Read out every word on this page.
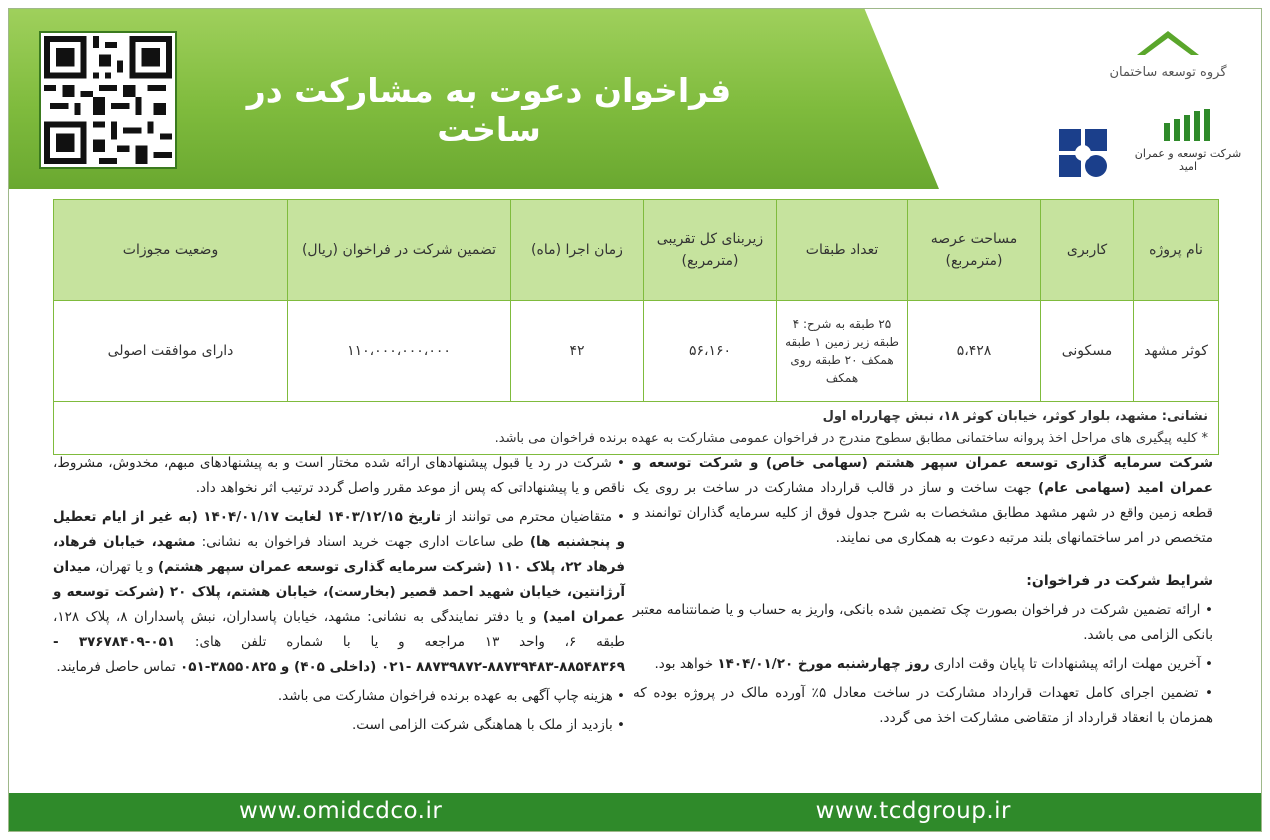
فراخوان دعوت به مشارکت در ساخت
گروه توسعه ساختمان
شرکت توسعه و عمران امید
نام پروژه	کاربری	مساحت عرصه (مترمربع)	تعداد طبقات	زیربنای کل تقریبی (مترمربع)	زمان اجرا (ماه)	تضمین شرکت در فراخوان (ریال)	وضعیت مجوزات
کوثر مشهد	مسکونی	۵،۴۲۸	۲۵ طبقه به شرح: ۴ طبقه زیر زمین ۱ طبقه همکف ۲۰ طبقه روی همکف	۵۶،۱۶۰	۴۲	۱۱۰،۰۰۰،۰۰۰،۰۰۰	دارای موافقت اصولی

نشانی: مشهد، بلوار کوثر، خیابان کوثر ۱۸، نبش چهارراه اول
* کلیه پیگیری های مراحل اخذ پروانه ساختمانی مطابق سطوح مندرج در فراخوان عمومی مشارکت به عهده برنده فراخوان می باشد.							

شرکت سرمایه گذاری توسعه عمران سپهر هشتم (سهامی خاص) و شرکت توسعه و عمران امید (سهامی عام) جهت ساخت و ساز در قالب قرارداد مشارکت در ساخت بر روی یک قطعه زمین واقع در شهر مشهد مطابق مشخصات به شرح جدول فوق از کلیه سرمایه گذاران توانمند و متخصص در امر ساختمانهای بلند مرتبه دعوت به همکاری می نمایند.

شرایط شرکت در فراخوان:

• ارائه تضمین شرکت در فراخوان بصورت چک تضمین شده بانکی، واریز به حساب و یا ضمانتنامه معتبر بانکی الزامی می باشد.

• آخرین مهلت ارائه پیشنهادات تا پایان وقت اداری روز چهارشنبه مورخ ۱۴۰۴/۰۱/۲۰ خواهد بود.

• تضمین اجرای کامل تعهدات قرارداد مشارکت در ساخت معادل ۵٪ آورده مالک در پروژه بوده که همزمان با انعقاد قرارداد از متقاضی مشارکت اخذ می گردد.

• شرکت در رد یا قبول پیشنهادهای ارائه شده مختار است و به پیشنهادهای مبهم، مخدوش، مشروط، ناقص و یا پیشنهاداتی که پس از موعد مقرر واصل گردد ترتیب اثر نخواهد داد.

• متقاضیان محترم می توانند از تاریخ ۱۴۰۳/۱۲/۱۵ لغایت ۱۴۰۴/۰۱/۱۷ (به غیر از ایام تعطیل و پنجشنبه ها) طی ساعات اداری جهت خرید اسناد فراخوان به نشانی: مشهد، خیابان فرهاد، فرهاد ۲۲، پلاک ۱۱۰ (شرکت سرمایه گذاری توسعه عمران سپهر هشتم) و یا تهران، میدان آرژانتین، خیابان شهید احمد قصیر (بخارست)، خیابان هشتم، پلاک ۲۰ (شرکت توسعه و عمران امید) و یا دفتر نمایندگی به نشانی: مشهد، خیابان پاسداران، نبش پاسداران ۸، پلاک ۱۲۸، طبقه ۶، واحد ۱۳ مراجعه و یا با شماره تلفن های: ۰۵۱-۳۷۶۷۸۴۰۹ - ۸۸۵۴۸۳۶۹-۸۸۷۳۹۴۸۳-۸۸۷۳۹۸۷۲ -۰۲۱ (داخلی ۴۰۵) و ۳۸۵۵۰۸۲۵-۰۵۱ تماس حاصل فرمایند.

• هزینه چاپ آگهی به عهده برنده فراخوان مشارکت می باشد.

• بازدید از ملک با هماهنگی شرکت الزامی است.

www.omidcdco.ir	www.tcdgroup.ir
